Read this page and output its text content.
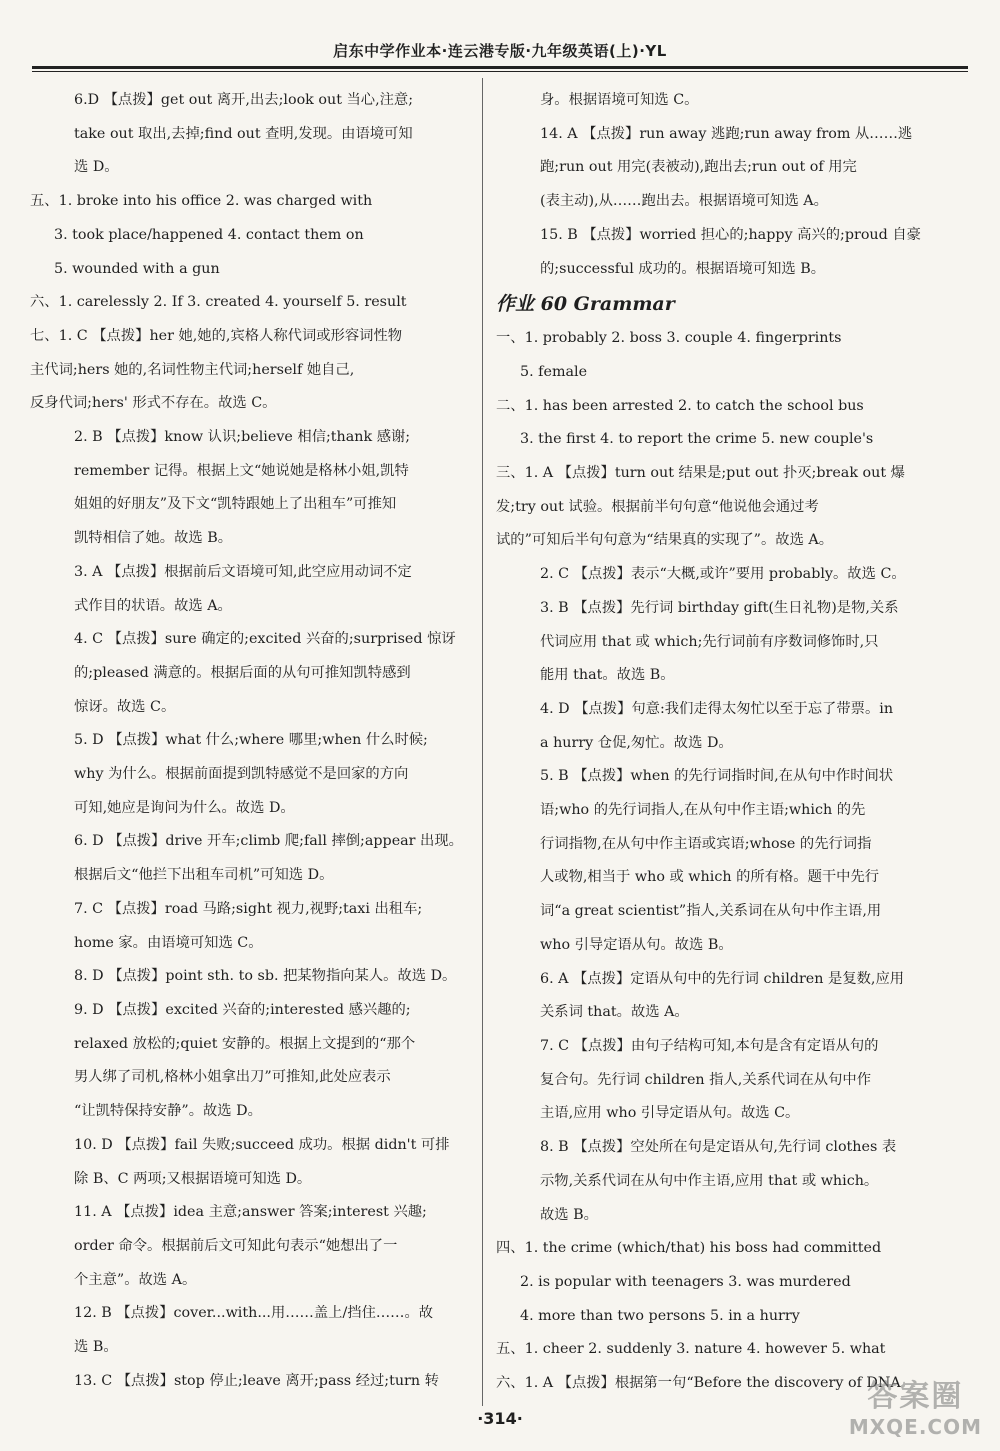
启东中学作业本·连云港专版·九年级英语(上)·YL
6.D 【点拨】get out 离开,出去;look out 当心,注意;
take out 取出,去掉;find out 查明,发现。由语境可知
选 D。
五、1. broke into his office 2. was charged with
3. took place/happened 4. contact them on
5. wounded with a gun
六、1. carelessly 2. If 3. created 4. yourself 5. result
七、1. C 【点拨】her 她,她的,宾格人称代词或形容词性物
主代词;hers 她的,名词性物主代词;herself 她自己,
反身代词;hers' 形式不存在。故选 C。
2. B 【点拨】know 认识;believe 相信;thank 感谢;
remember 记得。根据上文“她说她是格林小姐,凯特
姐姐的好朋友”及下文“凯特跟她上了出租车”可推知
凯特相信了她。故选 B。
3. A 【点拨】根据前后文语境可知,此空应用动词不定
式作目的状语。故选 A。
4. C 【点拨】sure 确定的;excited 兴奋的;surprised 惊讶
的;pleased 满意的。根据后面的从句可推知凯特感到
惊讶。故选 C。
5. D 【点拨】what 什么;where 哪里;when 什么时候;
why 为什么。根据前面提到凯特感觉不是回家的方向
可知,她应是询问为什么。故选 D。
6. D 【点拨】drive 开车;climb 爬;fall 摔倒;appear 出现。
根据后文“他拦下出租车司机”可知选 D。
7. C 【点拨】road 马路;sight 视力,视野;taxi 出租车;
home 家。由语境可知选 C。
8. D 【点拨】point sth. to sb. 把某物指向某人。故选 D。
9. D 【点拨】excited 兴奋的;interested 感兴趣的;
relaxed 放松的;quiet 安静的。根据上文提到的“那个
男人绑了司机,格林小姐拿出刀”可推知,此处应表示
“让凯特保持安静”。故选 D。
10. D 【点拨】fail 失败;succeed 成功。根据 didn't 可排
除 B、C 两项;又根据语境可知选 D。
11. A 【点拨】idea 主意;answer 答案;interest 兴趣;
order 命令。根据前后文可知此句表示“她想出了一
个主意”。故选 A。
12. B 【点拨】cover...with...用……盖上/挡住……。故
选 B。
13. C 【点拨】stop 停止;leave 离开;pass 经过;turn 转
身。根据语境可知选 C。
14. A 【点拨】run away 逃跑;run away from 从……逃
跑;run out 用完(表被动),跑出去;run out of 用完
(表主动),从……跑出去。根据语境可知选 A。
15. B 【点拨】worried 担心的;happy 高兴的;proud 自豪
的;successful 成功的。根据语境可知选 B。
作业 60 Grammar
一、1. probably 2. boss 3. couple 4. fingerprints
5. female
二、1. has been arrested 2. to catch the school bus
3. the first 4. to report the crime 5. new couple's
三、1. A 【点拨】turn out 结果是;put out 扑灭;break out 爆
发;try out 试验。根据前半句句意“他说他会通过考
试的”可知后半句句意为“结果真的实现了”。故选 A。
2. C 【点拨】表示“大概,或许”要用 probably。故选 C。
3. B 【点拨】先行词 birthday gift(生日礼物)是物,关系
代词应用 that 或 which;先行词前有序数词修饰时,只
能用 that。故选 B。
4. D 【点拨】句意:我们走得太匆忙以至于忘了带票。in
a hurry 仓促,匆忙。故选 D。
5. B 【点拨】when 的先行词指时间,在从句中作时间状
语;who 的先行词指人,在从句中作主语;which 的先
行词指物,在从句中作主语或宾语;whose 的先行词指
人或物,相当于 who 或 which 的所有格。题干中先行
词“a great scientist”指人,关系词在从句中作主语,用
who 引导定语从句。故选 B。
6. A 【点拨】定语从句中的先行词 children 是复数,应用
关系词 that。故选 A。
7. C 【点拨】由句子结构可知,本句是含有定语从句的
复合句。先行词 children 指人,关系代词在从句中作
主语,应用 who 引导定语从句。故选 C。
8. B 【点拨】空处所在句是定语从句,先行词 clothes 表
示物,关系代词在从句中作主语,应用 that 或 which。
故选 B。
四、1. the crime (which/that) his boss had committed
2. is popular with teenagers 3. was murdered
4. more than two persons 5. in a hurry
五、1. cheer 2. suddenly 3. nature 4. however 5. what
六、1. A 【点拨】根据第一句“Before the discovery of DNA
·314·
答案圈
MXQE.COM
